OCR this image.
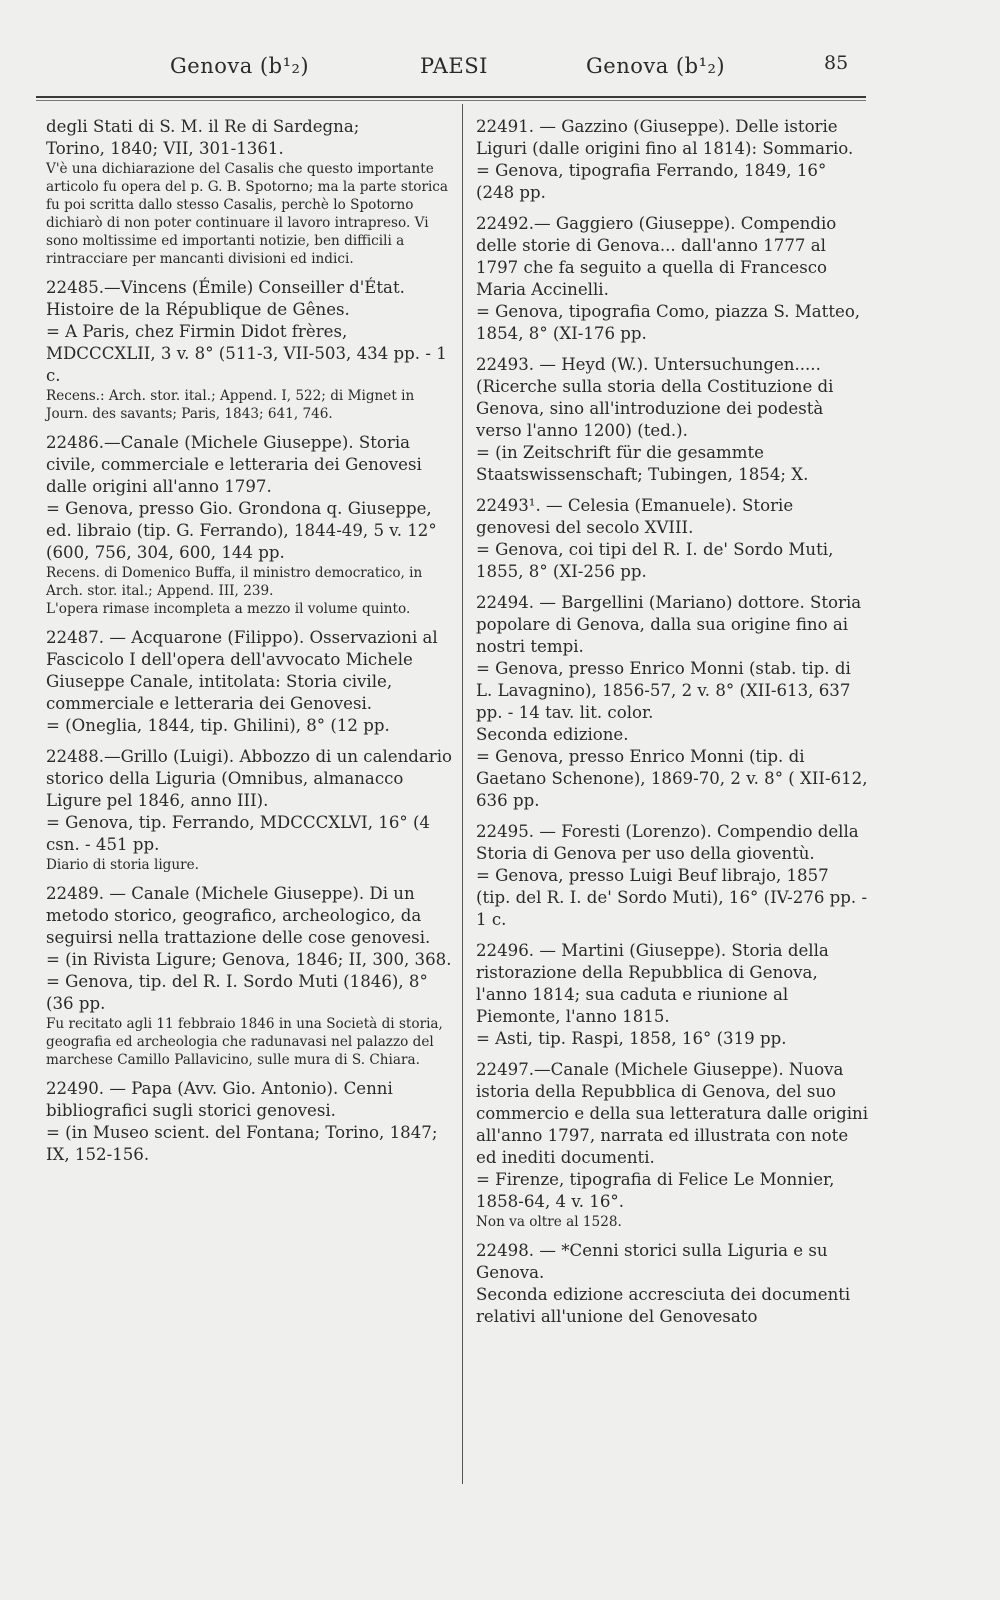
Genova (b¹₂)	PAESI	Genova (b¹₂)	85

degli Stati di S. M. il Re di Sardegna;

Torino, 1840; VII, 301-1361.

V'è una dichiarazione del Casalis che questo importante articolo fu opera del p. G. B. Spotorno; ma la parte storica fu poi scritta dallo stesso Casalis, perchè lo Spotorno dichiarò di non poter continuare il lavoro intrapreso. Vi sono moltissime ed importanti notizie, ben difficili a rintracciare per mancanti divisioni ed indici.

22485.—Vincens (Émile) Conseiller d'État. Histoire de la République de Gênes.

= A Paris, chez Firmin Didot frères, MDCCCXLII, 3 v. 8° (511-3, VII-503, 434 pp. - 1 c.

Recens.: Arch. stor. ital.; Append. I, 522; di Mignet in Journ. des savants; Paris, 1843; 641, 746.

22486.—Canale (Michele Giuseppe). Storia civile, commerciale e letteraria dei Genovesi dalle origini all'anno 1797.

= Genova, presso Gio. Grondona q. Giuseppe, ed. libraio (tip. G. Ferrando), 1844-49, 5 v. 12° (600, 756, 304, 600, 144 pp.

Recens. di Domenico Buffa, il ministro democratico, in Arch. stor. ital.; Append. III, 239.

L'opera rimase incompleta a mezzo il volume quinto.

22487. — Acquarone (Filippo). Osservazioni al Fascicolo I dell'opera dell'avvocato Michele Giuseppe Canale, intitolata: Storia civile, commerciale e letteraria dei Genovesi.

= (Oneglia, 1844, tip. Ghilini), 8° (12 pp.

22488.—Grillo (Luigi). Abbozzo di un calendario storico della Liguria (Omnibus, almanacco Ligure pel 1846, anno III).

= Genova, tip. Ferrando, MDCCCXLVI, 16° (4 csn. - 451 pp.

Diario di storia ligure.

22489. — Canale (Michele Giuseppe). Di un metodo storico, geografico, archeologico, da seguirsi nella trattazione delle cose genovesi.

= (in Rivista Ligure; Genova, 1846; II, 300, 368.

= Genova, tip. del R. I. Sordo Muti (1846), 8° (36 pp.

Fu recitato agli 11 febbraio 1846 in una Società di storia, geografia ed archeologia che radunavasi nel palazzo del marchese Camillo Pallavicino, sulle mura di S. Chiara.

22490. — Papa (Avv. Gio. Antonio). Cenni bibliografici sugli storici genovesi.

= (in Museo scient. del Fontana; Torino, 1847; IX, 152-156.

22491. — Gazzino (Giuseppe). Delle istorie Liguri (dalle origini fino al 1814): Sommario.

= Genova, tipografia Ferrando, 1849, 16° (248 pp.

22492.— Gaggiero (Giuseppe). Compendio delle storie di Genova... dall'anno 1777 al 1797 che fa seguito a quella di Francesco Maria Accinelli.

= Genova, tipografia Como, piazza S. Matteo, 1854, 8° (XI-176 pp.

22493. — Heyd (W.). Untersuchungen..... (Ricerche sulla storia della Costituzione di Genova, sino all'introduzione dei podestà verso l'anno 1200) (ted.).

= (in Zeitschrift für die gesammte Staatswissenschaft; Tubingen, 1854; X.

22493¹. — Celesia (Emanuele). Storie genovesi del secolo XVIII.

= Genova, coi tipi del R. I. de' Sordo Muti, 1855, 8° (XI-256 pp.

22494. — Bargellini (Mariano) dottore. Storia popolare di Genova, dalla sua origine fino ai nostri tempi.

= Genova, presso Enrico Monni (stab. tip. di L. Lavagnino), 1856-57, 2 v. 8° (XII-613, 637 pp. - 14 tav. lit. color.

Seconda edizione.

= Genova, presso Enrico Monni (tip. di Gaetano Schenone), 1869-70, 2 v. 8° ( XII-612, 636 pp.

22495. — Foresti (Lorenzo). Compendio della Storia di Genova per uso della gioventù.

= Genova, presso Luigi Beuf librajo, 1857 (tip. del R. I. de' Sordo Muti), 16° (IV-276 pp. - 1 c.

22496. — Martini (Giuseppe). Storia della ristorazione della Repubblica di Genova, l'anno 1814; sua caduta e riunione al Piemonte, l'anno 1815.

= Asti, tip. Raspi, 1858, 16° (319 pp.

22497.—Canale (Michele Giuseppe). Nuova istoria della Repubblica di Genova, del suo commercio e della sua letteratura dalle origini all'anno 1797, narrata ed illustrata con note ed inediti documenti.

= Firenze, tipografia di Felice Le Monnier, 1858-64, 4 v. 16°.

Non va oltre al 1528.

22498. — *Cenni storici sulla Liguria e su Genova.

Seconda edizione accresciuta dei documenti relativi all'unione del Genovesato
